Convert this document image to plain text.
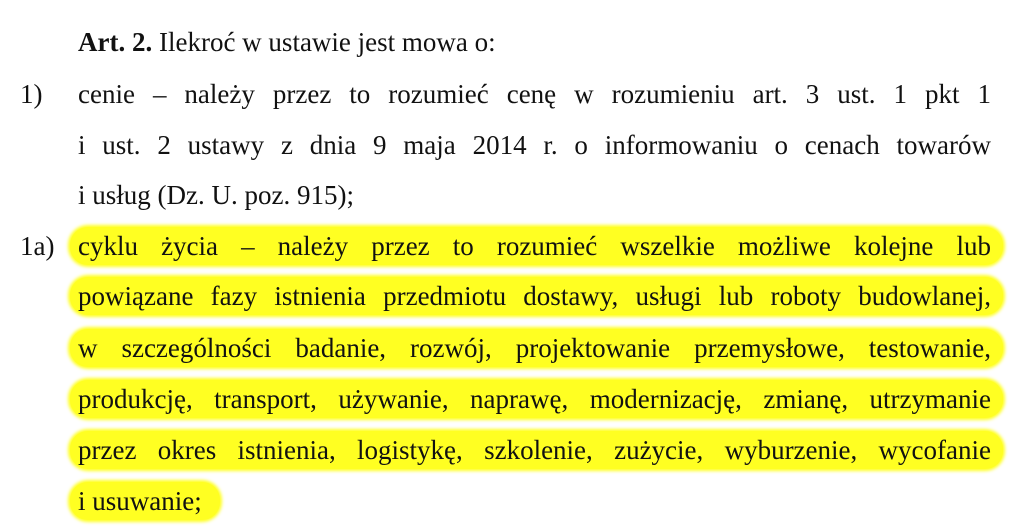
Art. 2. Ilekroć w ustawie jest mowa o:
1) cenie – należy przez to rozumieć cenę w rozumieniu art. 3 ust. 1 pkt 1
i ust. 2 ustawy z dnia 9 maja 2014 r. o informowaniu o cenach towarów
i usług (Dz. U. poz. 915);
1a) cyklu życia – należy przez to rozumieć wszelkie możliwe kolejne lub
powiązane fazy istnienia przedmiotu dostawy, usługi lub roboty budowlanej,
w szczególności badanie, rozwój, projektowanie przemysłowe, testowanie,
produkcję, transport, używanie, naprawę, modernizację, zmianę, utrzymanie
przez okres istnienia, logistykę, szkolenie, zużycie, wyburzenie, wycofanie
i usuwanie;
